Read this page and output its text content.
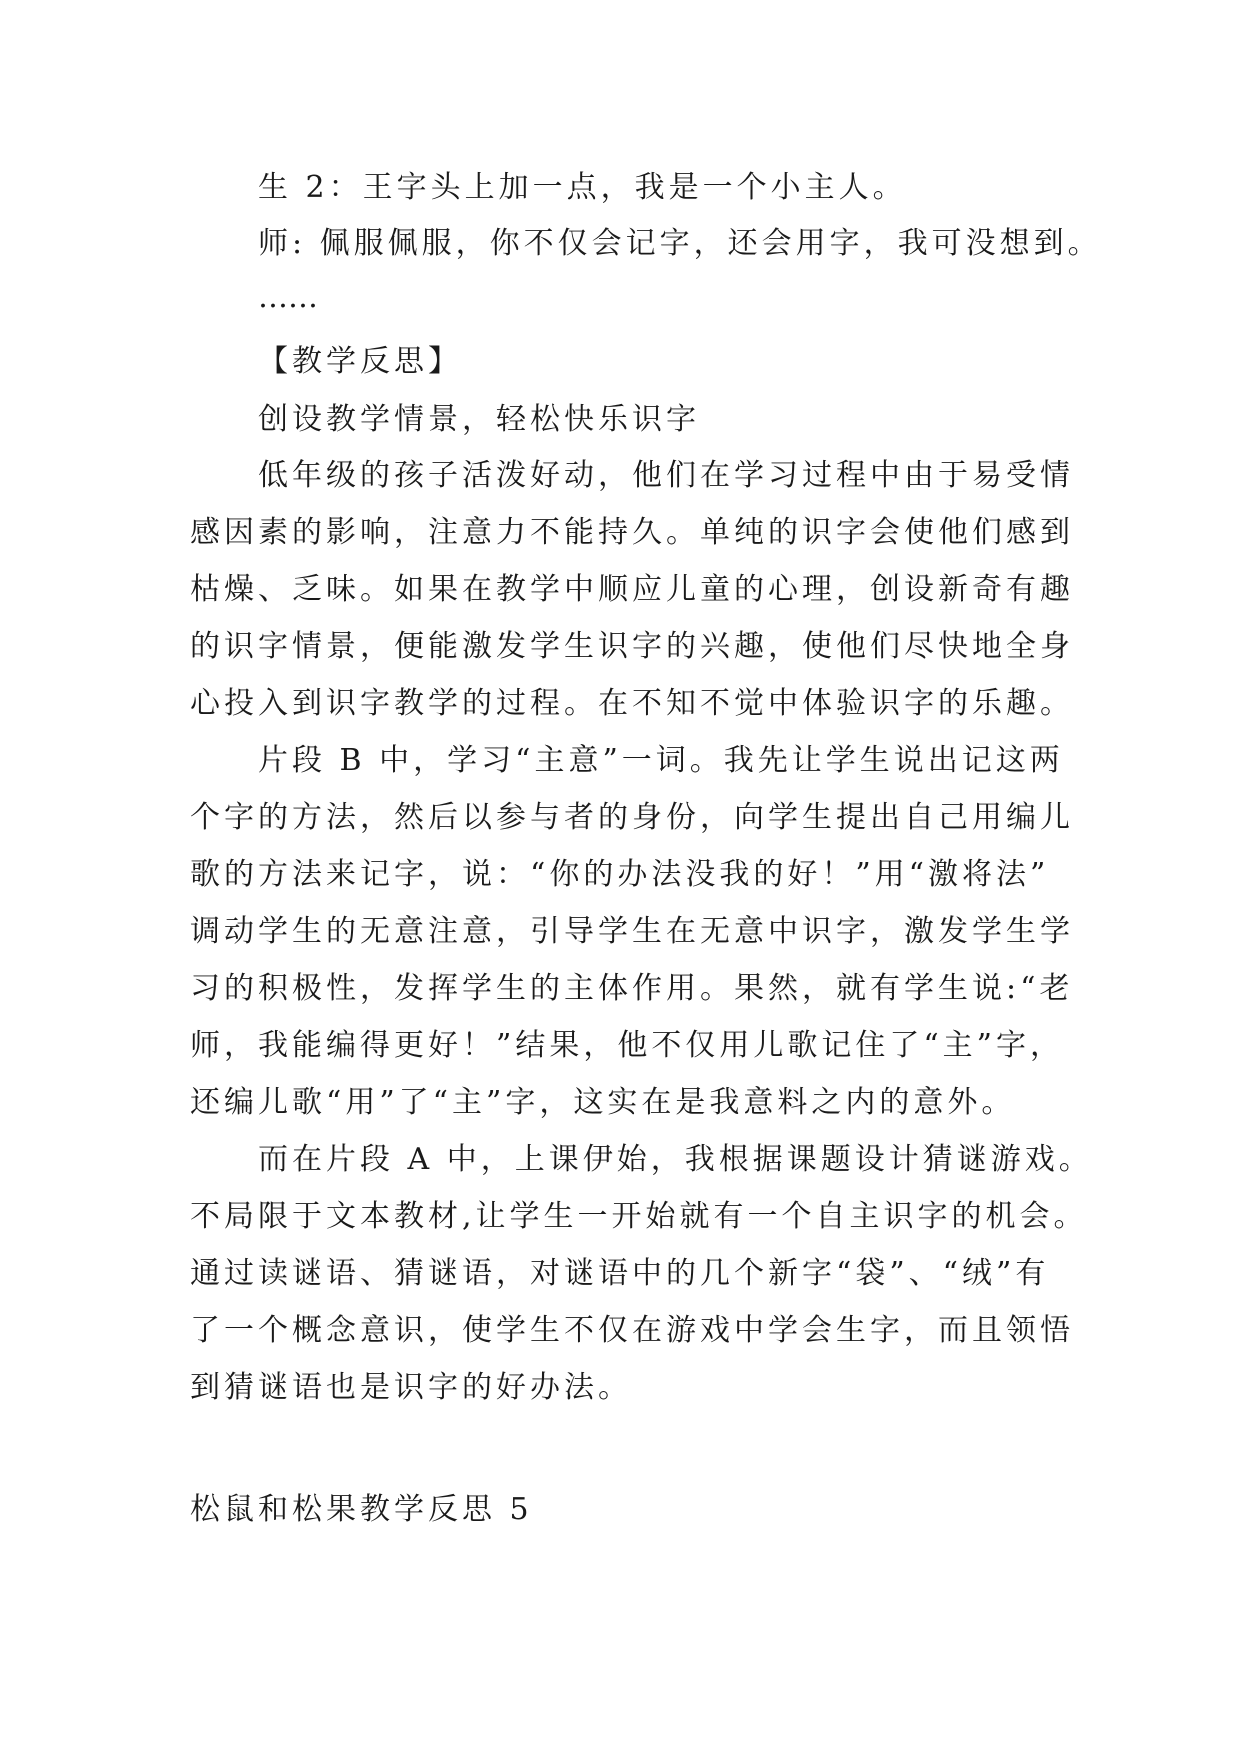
生 2：王字头上加一点，我是一个小主人。

师: 佩服佩服，你不仅会记字，还会用字，我可没想到。

……

【教学反思】

创设教学情景，轻松快乐识字

低年级的孩子活泼好动，他们在学习过程中由于易受情

感因素的影响，注意力不能持久。单纯的识字会使他们感到

枯燥、乏味。如果在教学中顺应儿童的心理，创设新奇有趣

的识字情景，便能激发学生识字的兴趣，使他们尽快地全身

心投入到识字教学的过程。在不知不觉中体验识字的乐趣。

片段 B 中，学习“主意”一词。我先让学生说出记这两

个字的方法，然后以参与者的身份，向学生提出自己用编儿

歌的方法来记字，说：“你的办法没我的好！”用“激将法”

调动学生的无意注意，引导学生在无意中识字，激发学生学

习的积极性，发挥学生的主体作用。果然，就有学生说:“老

师，我能编得更好！”结果，他不仅用儿歌记住了“主”字，

还编儿歌“用”了“主”字，这实在是我意料之内的意外。

而在片段 A 中，上课伊始，我根据课题设计猜谜游戏。

不局限于文本教材,让学生一开始就有一个自主识字的机会。

通过读谜语、猜谜语，对谜语中的几个新字“袋”、“绒”有

了一个概念意识，使学生不仅在游戏中学会生字，而且领悟

到猜谜语也是识字的好办法。

松鼠和松果教学反思 5
